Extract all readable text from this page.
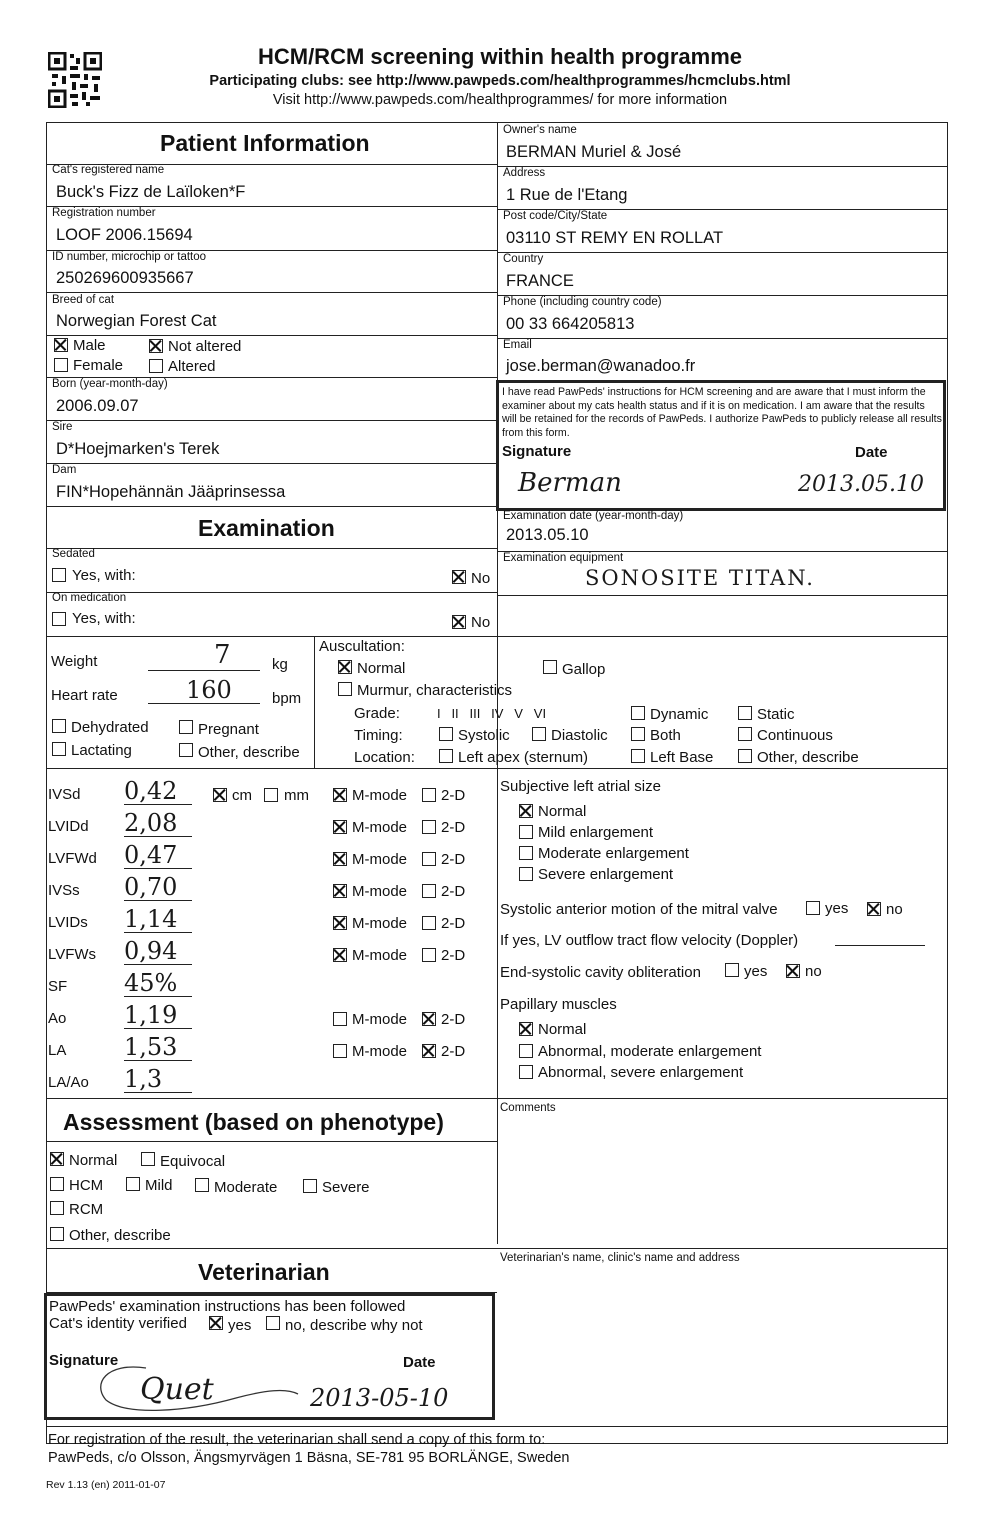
HCM/RCM screening within health programme
Participating clubs: see http://www.pawpeds.com/healthprogrammes/hcmclubs.html
Visit http://www.pawpeds.com/healthprogrammes/ for more information
Patient Information
Cat's registered name
Buck's Fizz de Laïloken*F
Registration number
LOOF 2006.15694
ID number, microchip or tattoo
250269600935667
Breed of cat
Norwegian Forest Cat
Male	Not altered
Female	Altered
Born (year-month-day)
2006.09.07
Sire
D*Hoejmarken's Terek
Dam
FIN*Hopehännän Jääprinsessa
Owner's name
BERMAN Muriel & José
Address
1 Rue de l'Etang
Post code/City/State
03110 ST REMY EN ROLLAT
Country
FRANCE
Phone (including country code)
00 33 664205813
Email
jose.berman@wanadoo.fr
I have read PawPeds' instructions for HCM screening and are aware that I must inform the examiner about my cats health status and if it is on medication. I am aware that the results will be retained for the records of PawPeds. I authorize PawPeds to publicly release all results from this form.
Signature	Date
Berman	2013.05.10
Examination	Examination date (year-month-day)
2013.05.10
Examination equipment
SONOSITE TITAN.
Sedated
Yes, with:	No
On medication
Yes, with:	No
Weight	7	kg
Heart rate	160	bpm
Dehydrated	Pregnant
Lactating	Other, describe
Auscultation:
Normal	Gallop
Murmur, characteristics
Grade:	I   II   III   IV   V   VI	Dynamic	Static
Timing:	Systolic	Diastolic	Both	Continuous
Location:	Left apex (sternum)	Left Base	Other, describe
IVSd 0,42	M-mode 2-D
LVIDd 2,08	M-mode 2-D
LVFWd 0,47	M-mode 2-D
IVSs 0,70	M-mode 2-D
LVIDs 1,14	M-mode 2-D
LVFWs 0,94	M-mode 2-D
SF 45%
Ao 1,19	M-mode 2-D
LA 1,53	M-mode 2-D
LA/Ao 1,3
cm mm
Subjective left atrial size
Normal
Mild enlargement
Moderate enlargement
Severe enlargement
Systolic anterior motion of the mitral valve	yes	no
If yes, LV outflow tract flow velocity (Doppler)
End-systolic cavity obliteration	yes	no
Papillary muscles
Normal
Abnormal, moderate enlargement
Abnormal, severe enlargement
Assessment (based on phenotype)
Comments
Normal	Equivocal
HCM	Mild	Moderate	Severe
RCM
Other, describe
Veterinarian
Veterinarian's name, clinic's name and address
PawPeds' examination instructions has been followed
Cat's identity verified	yes no, describe why not
Signature	Date
Quet	2013-05-10
For registration of the result, the veterinarian shall send a copy of this form to:
PawPeds, c/o Olsson, Ängsmyrvägen 1 Bäsna, SE-781 95 BORLÄNGE, Sweden
Rev 1.13 (en) 2011-01-07
